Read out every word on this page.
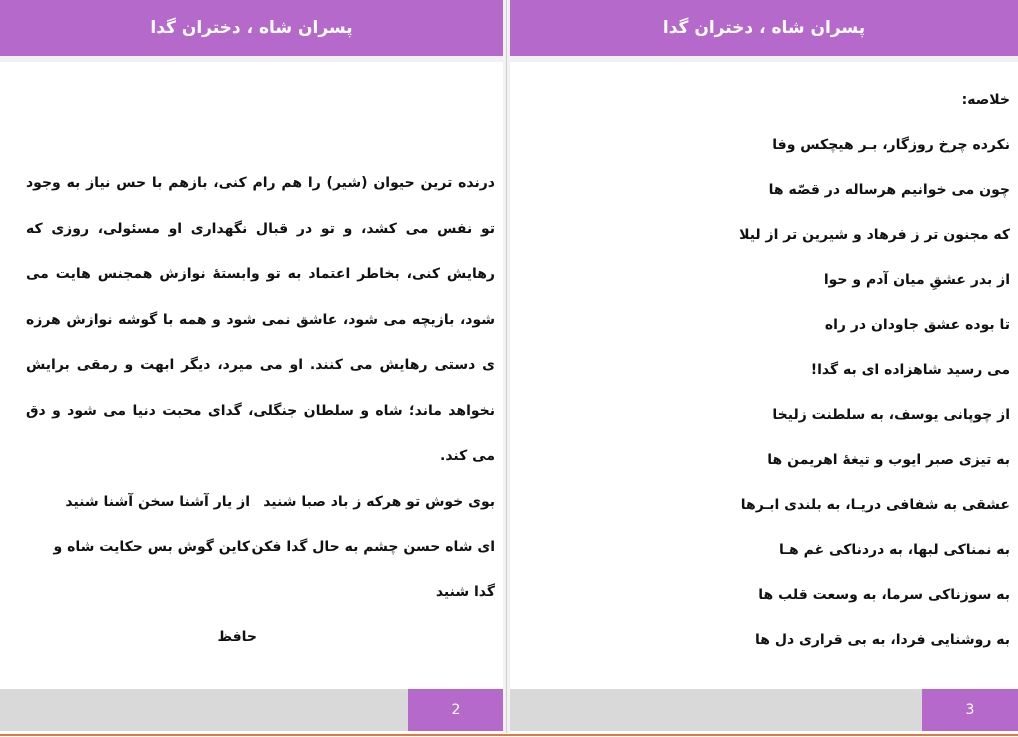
پسران شاه ، دختران گدا
درنده ترین حیوان (شیر) را هم رام کنی، بازهم با حس نیاز به وجود تو نفس می کشد، و تو در قبال نگهداری او مسئولی، روزی که رهایش کنی، بخاطر اعتماد به تو وابستهٔ نوازش همجنس هایت می شود، بازیچه می شود، عاشق نمی شود و همه با گوشه نوازش هرزه ی دستی رهایش می کنند. او می میرد، دیگر ابهت و رمقی برایش نخواهد ماند؛ شاه و سلطان جنگلی، گدای محبت دنیا می شود و دق می کند.
بوی خوش تو هرکه ز باد صبا شنید
از یار آشنا سخن آشنا شنید
ای شاه حسن چشم به حال گدا فکن
کاین گوش بس حکایت شاه و
گدا شنید
حافظ
2
پسران شاه ، دختران گدا
خلاصه:
نکرده چرخ روزگار، بـر هیچکس وفا
چون می خوانیم هرساله در قصّه ها
که مجنون تر ز فرهاد و شیرین تر از لیلا
از بدر عشقِ میان آدم و حوا
تا بوده عشق جاودان در راه
می رسید شاهزاده ای به گدا!
از چوپانی یوسف، به سلطنت زلیخا
به تیزی صبر ایوب و تیغهٔ اهریمن ها
عشقی به شفافی دریـا، به بلندی ابـرها
به نمناکی لبها، به دردناکی غم هـا
به سوزناکی سرما، به وسعت قلب ها
به روشنایی فردا، به بی قراری دل ها
3
